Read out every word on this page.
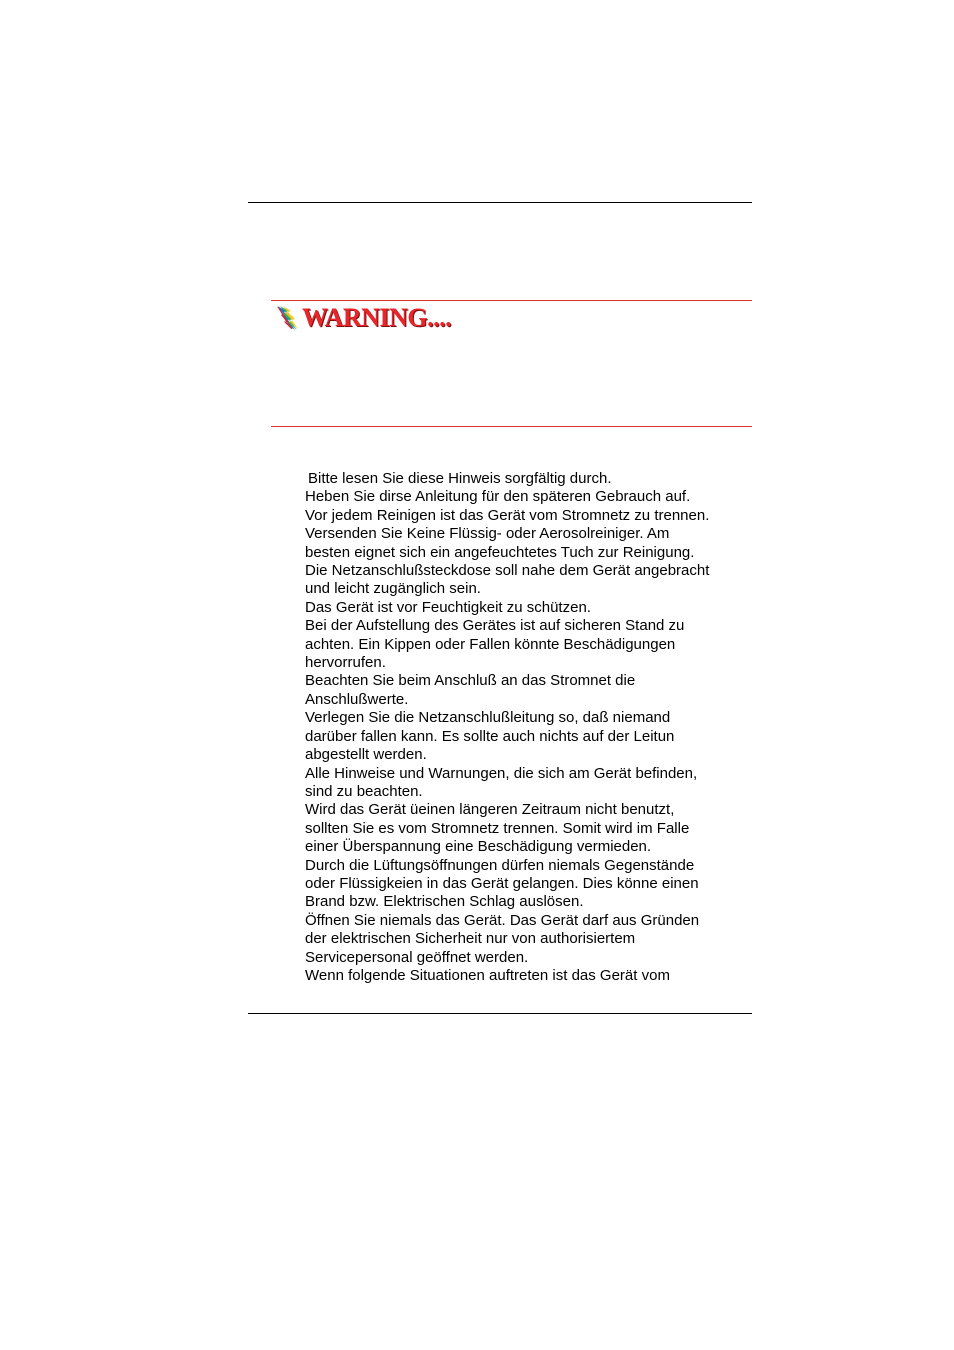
WARNING....

Bitte lesen Sie diese Hinweis sorgfältig durch.

Heben Sie dirse Anleitung für den späteren Gebrauch auf.

Vor jedem Reinigen ist das Gerät vom Stromnetz zu trennen.

Versenden Sie Keine Flüssig- oder Aerosolreiniger. Am

besten eignet sich ein angefeuchtetes Tuch zur Reinigung.

Die Netzanschlußsteckdose soll nahe dem Gerät angebracht

und leicht zugänglich sein.

Das Gerät ist vor Feuchtigkeit zu schützen.

Bei der Aufstellung des Gerätes ist auf sicheren Stand zu

achten. Ein Kippen oder Fallen könnte Beschädigungen

hervorrufen.

Beachten Sie beim Anschluß an das Stromnet die

Anschlußwerte.

Verlegen Sie die Netzanschlußleitung so, daß niemand

darüber fallen kann. Es sollte auch nichts auf der Leitun

abgestellt werden.

Alle Hinweise und Warnungen, die sich am Gerät befinden,

sind zu beachten.

Wird das Gerät üeinen längeren Zeitraum nicht benutzt,

sollten Sie es vom Stromnetz trennen. Somit wird im Falle

einer Überspannung eine Beschädigung vermieden.

Durch die Lüftungsöffnungen dürfen niemals Gegenstände

oder Flüssigkeien in das Gerät gelangen. Dies könne einen

Brand bzw. Elektrischen Schlag auslösen.

Öffnen Sie niemals das Gerät. Das Gerät darf aus Gründen

der elektrischen Sicherheit nur von authorisiertem

Servicepersonal geöffnet werden.

Wenn folgende Situationen auftreten ist das Gerät vom
